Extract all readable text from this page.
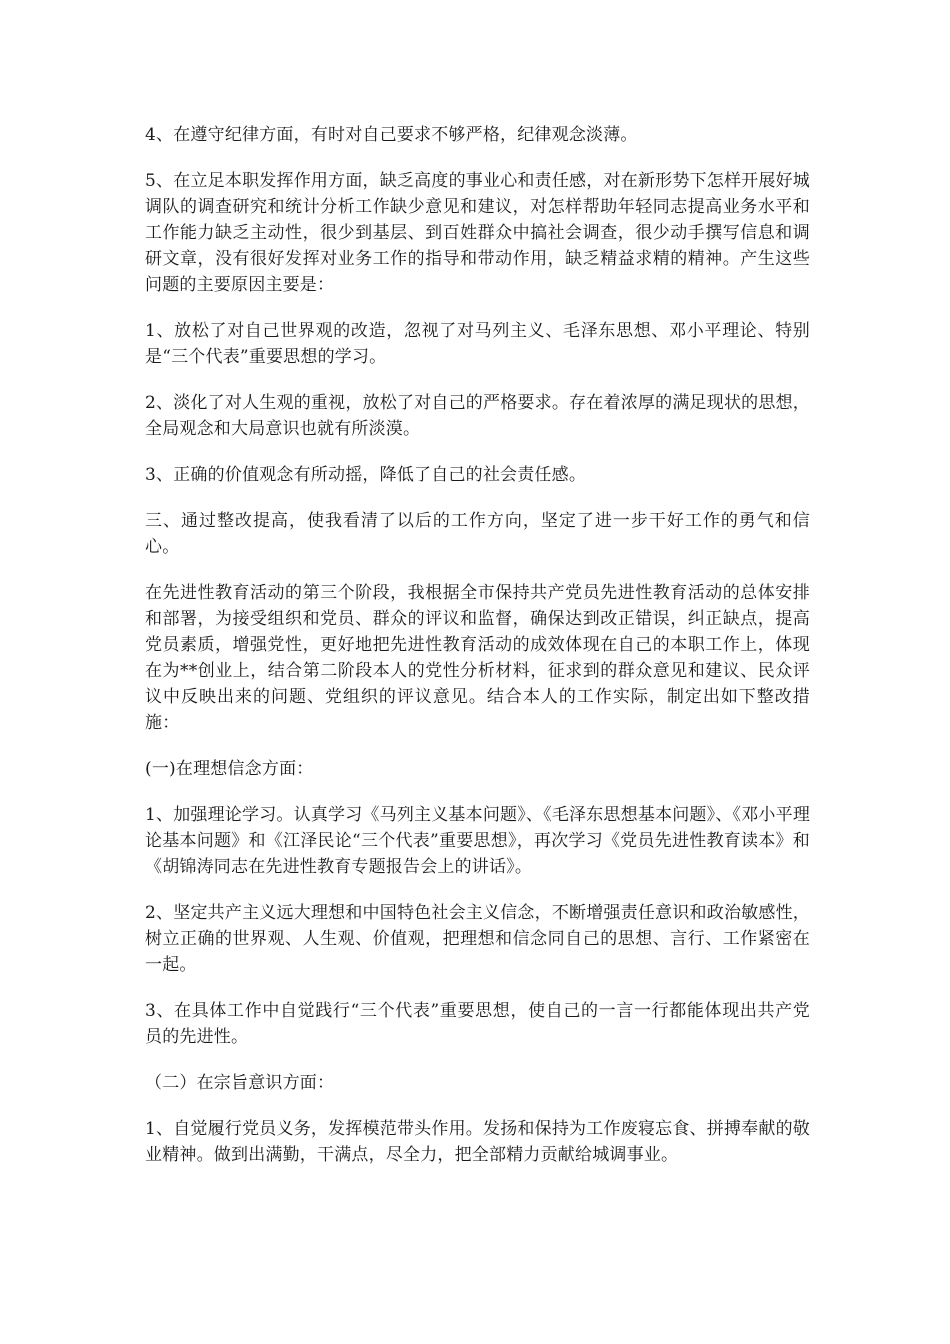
4、在遵守纪律方面，有时对自己要求不够严格，纪律观念淡薄。

5、在立足本职发挥作用方面，缺乏高度的事业心和责任感，对在新形势下怎样开展好城调队的调查研究和统计分析工作缺少意见和建议，对怎样帮助年轻同志提高业务水平和工作能力缺乏主动性，很少到基层、到百姓群众中搞社会调查，很少动手撰写信息和调研文章，没有很好发挥对业务工作的指导和带动作用，缺乏精益求精的精神。产生这些问题的主要原因主要是：

1、放松了对自己世界观的改造，忽视了对马列主义、毛泽东思想、邓小平理论、特别是“三个代表”重要思想的学习。

2、淡化了对人生观的重视，放松了对自己的严格要求。存在着浓厚的满足现状的思想，全局观念和大局意识也就有所淡漠。

3、正确的价值观念有所动摇，降低了自己的社会责任感。

三、通过整改提高，使我看清了以后的工作方向，坚定了进一步干好工作的勇气和信心。

在先进性教育活动的第三个阶段，我根据全市保持共产党员先进性教育活动的总体安排和部署，为接受组织和党员、群众的评议和监督，确保达到改正错误，纠正缺点，提高党员素质，增强党性，更好地把先进性教育活动的成效体现在自己的本职工作上，体现在为**创业上，结合第二阶段本人的党性分析材料，征求到的群众意见和建议、民众评议中反映出来的问题、党组织的评议意见。结合本人的工作实际，制定出如下整改措施：

(一)在理想信念方面：

1、加强理论学习。认真学习《马列主义基本问题》、《毛泽东思想基本问题》、《邓小平理论基本问题》和《江泽民论“三个代表”重要思想》，再次学习《党员先进性教育读本》和《胡锦涛同志在先进性教育专题报告会上的讲话》。

2、坚定共产主义远大理想和中国特色社会主义信念，不断增强责任意识和政治敏感性，树立正确的世界观、人生观、价值观，把理想和信念同自己的思想、言行、工作紧密在一起。

3、在具体工作中自觉践行“三个代表”重要思想，使自己的一言一行都能体现出共产党员的先进性。

（二）在宗旨意识方面：

1、自觉履行党员义务，发挥模范带头作用。发扬和保持为工作废寝忘食、拼搏奉献的敬业精神。做到出满勤，干满点，尽全力，把全部精力贡献给城调事业。
